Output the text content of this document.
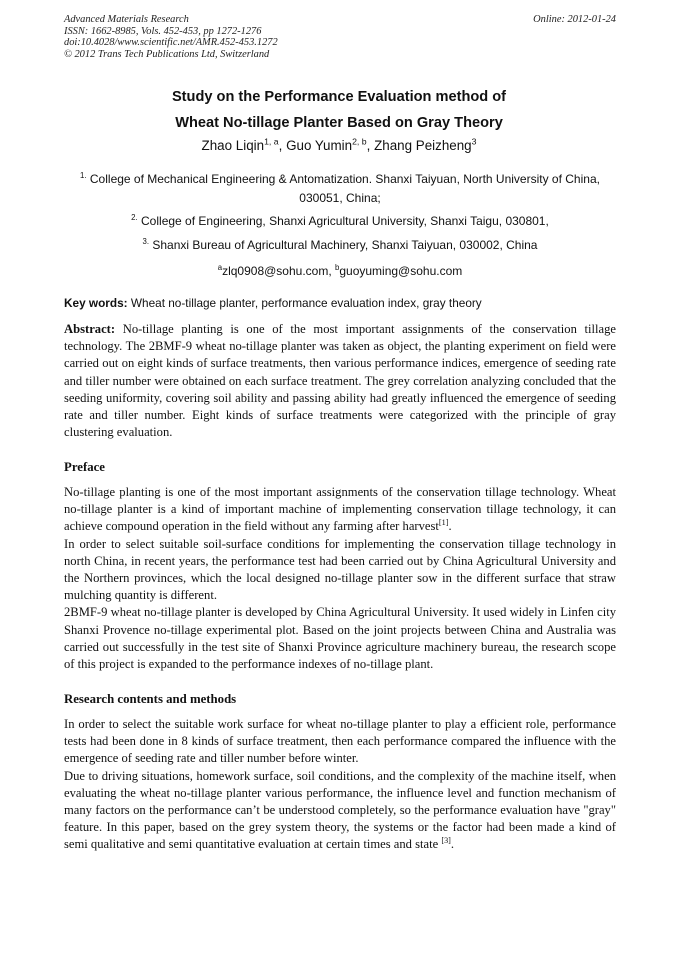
Advanced Materials Research
ISSN: 1662-8985, Vols. 452-453, pp 1272-1276
doi:10.4028/www.scientific.net/AMR.452-453.1272
© 2012 Trans Tech Publications Ltd, Switzerland
Online: 2012-01-24
Study on the Performance Evaluation method of
Wheat No-tillage Planter Based on Gray Theory
Zhao Liqin$^{1, a}$, Guo Yumin$^{2, b}$, Zhang Peizheng$^3$
$^{1.}$ College of Mechanical Engineering & Antomatization. Shanxi Taiyuan, North University of China, 030051, China;
$^{2.}$ College of Engineering, Shanxi Agricultural University, Shanxi Taigu, 030801,
$^{3.}$ Shanxi Bureau of Agricultural Machinery, Shanxi Taiyuan, 030002, China
$^a$zlq0908@sohu.com, $^b$guoyuming@sohu.com
Key words: Wheat no-tillage planter, performance evaluation index, gray theory

Abstract: No-tillage planting is one of the most important assignments of the conservation tillage technology. The 2BMF-9 wheat no-tillage planter was taken as object, the planting experiment on field were carried out on eight kinds of surface treatments, then various performance indices, emergence of seeding rate and tiller number were obtained on each surface treatment. The grey correlation analyzing concluded that the seeding uniformity, covering soil ability and passing ability had greatly influenced the emergence of seeding rate and tiller number. Eight kinds of surface treatments were categorized with the principle of gray clustering evaluation.

Preface

No-tillage planting is one of the most important assignments of the conservation tillage technology. Wheat no-tillage planter is a kind of important machine of implementing conservation tillage technology, it can achieve compound operation in the field without any farming after harvest[1].

In order to select suitable soil-surface conditions for implementing the conservation tillage technology in north China, in recent years, the performance test had been carried out by China Agricultural University and the Northern provinces, which the local designed no-tillage planter sow in the different surface that straw mulching quantity is different.

2BMF-9 wheat no-tillage planter is developed by China Agricultural University. It used widely in Linfen city Shanxi Provence no-tillage experimental plot. Based on the joint projects between China and Australia was carried out successfully in the test site of Shanxi Province agriculture machinery bureau, the research scope of this project is expanded to the performance indexes of no-tillage plant.

Research contents and methods

In order to select the suitable work surface for wheat no-tillage planter to play a efficient role, performance tests had been done in 8 kinds of surface treatment, then each performance compared the influence with the emergence of seeding rate and tiller number before winter.

Due to driving situations, homework surface, soil conditions, and the complexity of the machine itself, when evaluating the wheat no-tillage planter various performance, the influence level and function mechanism of many factors on the performance can’t be understood completely, so the performance evaluation have "gray" feature. In this paper, based on the grey system theory, the systems or the factor had been made a kind of semi qualitative and semi quantitative evaluation at certain times and state [3].
